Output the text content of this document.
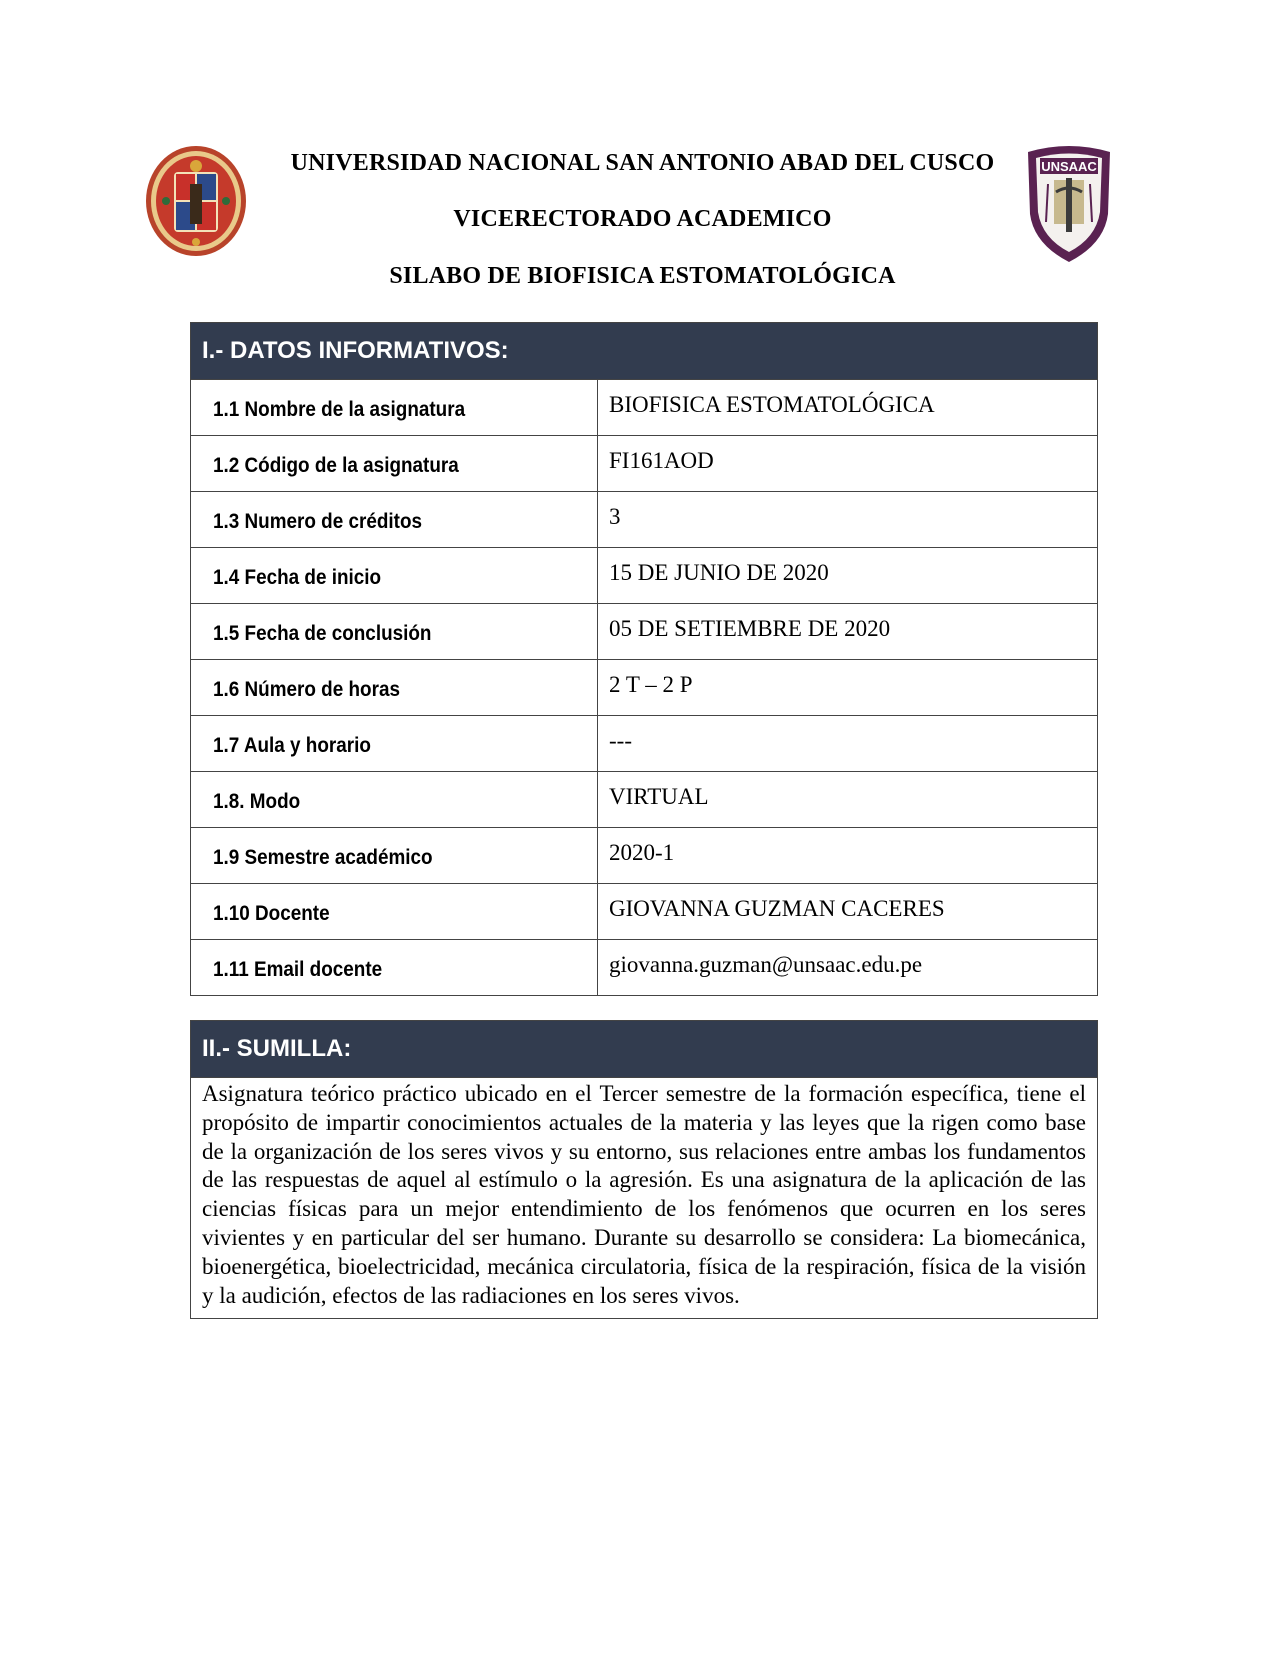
UNIVERSIDAD NACIONAL SAN ANTONIO ABAD DEL CUSCO
VICERECTORADO ACADEMICO
SILABO DE BIOFISICA ESTOMATOLÓGICA
UNSAAC
I.- DATOS INFORMATIVOS:
1.1 Nombre de la asignatura	BIOFISICA ESTOMATOLÓGICA
1.2 Código de la asignatura	FI161AOD
1.3 Numero de créditos	3
1.4 Fecha de inicio	15 DE JUNIO DE 2020
1.5 Fecha de conclusión	05 DE SETIEMBRE DE 2020
1.6 Número de horas	2 T – 2 P
1.7 Aula y horario	---
1.8. Modo	VIRTUAL
1.9 Semestre académico	2020-1
1.10 Docente	GIOVANNA GUZMAN CACERES
1.11 Email docente	giovanna.guzman@unsaac.edu.pe
II.- SUMILLA:
Asignatura teórico práctico ubicado en el Tercer semestre de la formación específica, tiene el propósito de impartir conocimientos actuales de la materia y las leyes que la rigen como base de la organización de los seres vivos y su entorno, sus relaciones entre ambas los fundamentos de las respuestas de aquel al estímulo o la agresión. Es una asignatura de la aplicación de las ciencias físicas para un mejor entendimiento de los fenómenos que ocurren en los seres vivientes y en particular del ser humano. Durante su desarrollo se considera: La biomecánica, bioenergética, bioelectricidad, mecánica circulatoria, física de la respiración, física de la visión y la audición, efectos de las radiaciones en los seres vivos.
